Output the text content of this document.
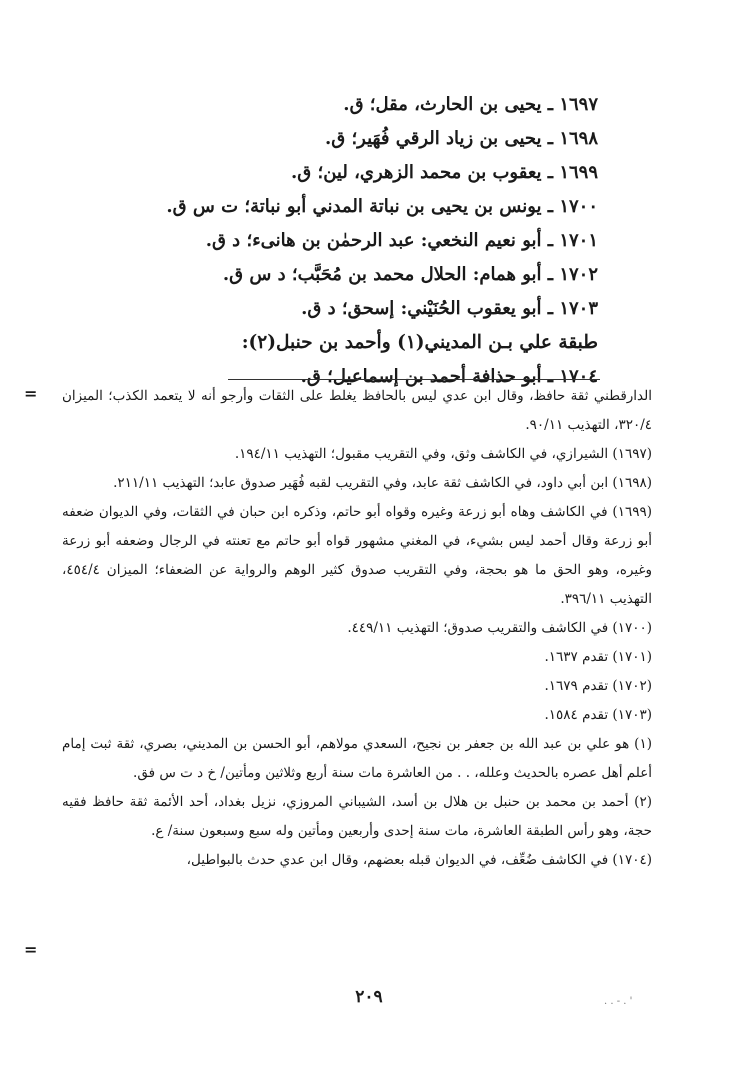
١٦٩٧ ـ يحيى بن الحارث، مقل؛ ق.
١٦٩٨ ـ يحيى بن زياد الرقي فُهَير؛ ق.
١٦٩٩ ـ يعقوب بن محمد الزهري، لين؛ ق.
١٧٠٠ ـ يونس بن يحيى بن نباتة المدني أبو نباتة؛ ت س ق.
١٧٠١ ـ أبو نعيم النخعي: عبد الرحمٰن بن هانىء؛ د ق.
١٧٠٢ ـ أبو همام: الحلال محمد بن مُحَبَّب؛ د س ق.
١٧٠٣ ـ أبو يعقوب الحُنَيْني: إسحق؛ د ق.
طبقة علي بـن المديني(١) وأحمد بن حنبل(٢):
١٧٠٤ ـ أبو حذافة أحمد بن إسماعيل؛ ق.
= الدارقطني ثقة حافظ، وقال ابن عدي ليس بالحافظ يغلط على الثقات وأرجو أنه لا يتعمد الكذب؛ الميزان ٣٢٠/٤، التهذيب ٩٠/١١.
(١٦٩٧) الشيرازي، في الكاشف وثق، وفي التقريب مقبول؛ التهذيب ١٩٤/١١.
(١٦٩٨) ابن أبي داود، في الكاشف ثقة عابد، وفي التقريب لقبه فُهَير صدوق عابد؛ التهذيب ٢١١/١١.
(١٦٩٩) في الكاشف وهاه أبو زرعة وغيره وقواه أبو حاتم، وذكره ابن حبان في الثقات، وفي الديوان ضعفه أبو زرعة وقال أحمد ليس بشيء، في المغني مشهور قواه أبو حاتم مع تعنته في الرجال وضعفه أبو زرعة وغيره، وهو الحق ما هو بحجة، وفي التقريب صدوق كثير الوهم والرواية عن الضعفاء؛ الميزان ٤٥٤/٤، التهذيب ٣٩٦/١١.
(١٧٠٠) في الكاشف والتقريب صدوق؛ التهذيب ٤٤٩/١١.
(١٧٠١) تقدم ١٦٣٧.
(١٧٠٢) تقدم ١٦٧٩.
(١٧٠٣) تقدم ١٥٨٤.
(١) هو علي بن عبد الله بن جعفر بن نجيح، السعدي مولاهم، أبو الحسن بن المديني، بصري، ثقة ثبت إمام أعلم أهل عصره بالحديث وعلله، . . من العاشرة مات سنة أربع وثلاثين ومأتين/ خ د ت س فق.
(٢) أحمد بن محمد بن حنبل بن هلال بن أسد، الشيباني المروزي، نزيل بغداد، أحد الأئمة ثقة حافظ فقيه حجة، وهو رأس الطبقة العاشرة، مات سنة إحدى وأربعين ومأتين وله سبع وسبعون سنة/ ع.
(١٧٠٤) في الكاشف ضُعِّف، في الديوان قبله بعضهم، وقال ابن عدي حدث بالبواطيل،
=
٢٠٩	. . - . '
